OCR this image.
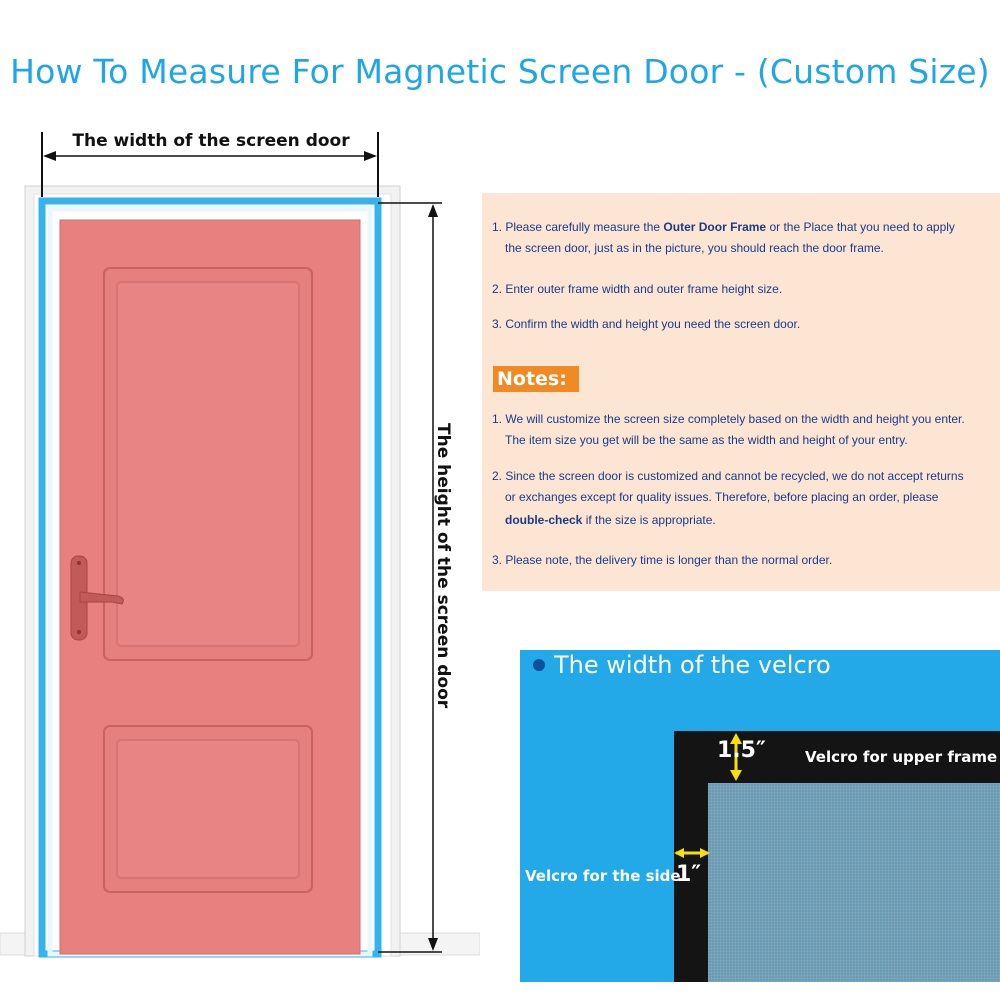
How To Measure For Magnetic Screen Door - (Custom Size)
The width of the screen door
The height of the screen door
1. Please carefully measure the Outer Door Frame or the Place that you need to apply
the screen door, just as in the picture, you should reach the door frame.
2. Enter outer frame width and outer frame height size.
3. Confirm the width and height you need the screen door.
Notes:
1. We will customize the screen size completely based on the width and height you enter.
The item size you get will be the same as the width and height of your entry.
2. Since the screen door is customized and cannot be recycled, we do not accept returns
or exchanges except for quality issues. Therefore, before placing an order, please
double-check if the size is appropriate.
3. Please note, the delivery time is longer than the normal order.
The width of the velcro
1.5″	Velcro for upper frame
Velcro for the side
1″
